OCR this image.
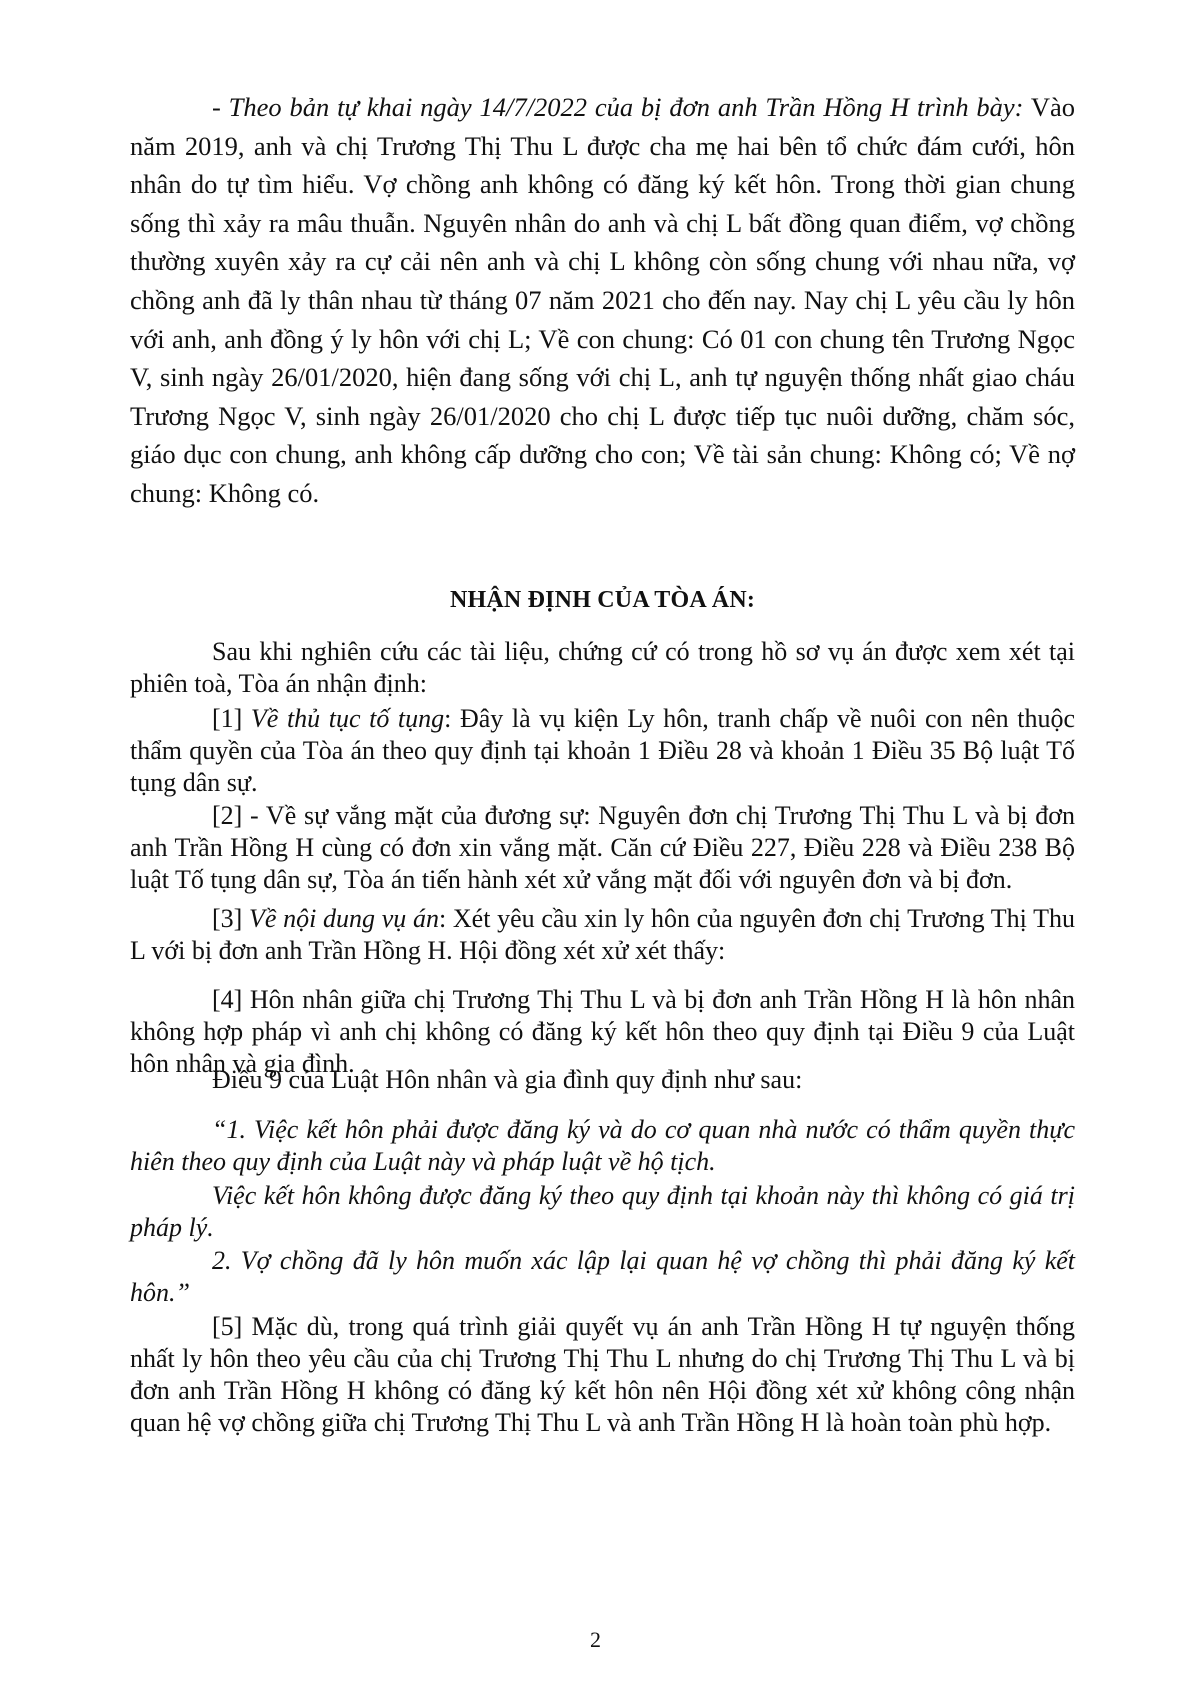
- Theo bản tự khai ngày 14/7/2022 của bị đơn anh Trần Hồng H trình bày: Vào năm 2019, anh và chị Trương Thị Thu L được cha mẹ hai bên tổ chức đám cưới, hôn nhân do tự tìm hiểu. Vợ chồng anh không có đăng ký kết hôn. Trong thời gian chung sống thì xảy ra mâu thuẫn. Nguyên nhân do anh và chị L bất đồng quan điểm, vợ chồng thường xuyên xảy ra cự cải nên anh và chị L không còn sống chung với nhau nữa, vợ chồng anh đã ly thân nhau từ tháng 07 năm 2021 cho đến nay. Nay chị L yêu cầu ly hôn với anh, anh đồng ý ly hôn với chị L; Về con chung: Có 01 con chung tên Trương Ngọc V, sinh ngày 26/01/2020, hiện đang sống với chị L, anh tự nguyện thống nhất giao cháu Trương Ngọc V, sinh ngày 26/01/2020 cho chị L được tiếp tục nuôi dưỡng, chăm sóc, giáo dục con chung, anh không cấp dưỡng cho con; Về tài sản chung: Không có; Về nợ chung: Không có.

NHẬN ĐỊNH CỦA TÒA ÁN:

Sau khi nghiên cứu các tài liệu, chứng cứ có trong hồ sơ vụ án được xem xét tại phiên toà, Tòa án nhận định:

[1] Về thủ tục tố tụng: Đây là vụ kiện Ly hôn, tranh chấp về nuôi con nên thuộc thẩm quyền của Tòa án theo quy định tại khoản 1 Điều 28 và khoản 1 Điều 35 Bộ luật Tố tụng dân sự.

[2] - Về sự vắng mặt của đương sự: Nguyên đơn chị Trương Thị Thu L và bị đơn anh Trần Hồng H cùng có đơn xin vắng mặt. Căn cứ Điều 227, Điều 228 và Điều 238 Bộ luật Tố tụng dân sự, Tòa án tiến hành xét xử vắng mặt đối với nguyên đơn và bị đơn.

[3] Về nội dung vụ án: Xét yêu cầu xin ly hôn của nguyên đơn chị Trương Thị Thu L với bị đơn anh Trần Hồng H. Hội đồng xét xử xét thấy:

[4] Hôn nhân giữa chị Trương Thị Thu L và bị đơn anh Trần Hồng H là hôn nhân không hợp pháp vì anh chị không có đăng ký kết hôn theo quy định tại Điều 9 của Luật hôn nhân và gia đình.

Điều 9 của Luật Hôn nhân và gia đình quy định như sau:

“1. Việc kết hôn phải được đăng ký và do cơ quan nhà nước có thẩm quyền thực hiên theo quy định của Luật này và pháp luật về hộ tịch.

Việc kết hôn không được đăng ký theo quy định tại khoản này thì không có giá trị pháp lý.

2. Vợ chồng đã ly hôn muốn xác lập lại quan hệ vợ chồng thì phải đăng ký kết hôn.”

[5] Mặc dù, trong quá trình giải quyết vụ án anh Trần Hồng H tự nguyện thống nhất ly hôn theo yêu cầu của chị Trương Thị Thu L nhưng do chị Trương Thị Thu L và bị đơn anh Trần Hồng H không có đăng ký kết hôn nên Hội đồng xét xử không công nhận quan hệ vợ chồng giữa chị Trương Thị Thu L và anh Trần Hồng H là hoàn toàn phù hợp.

2
